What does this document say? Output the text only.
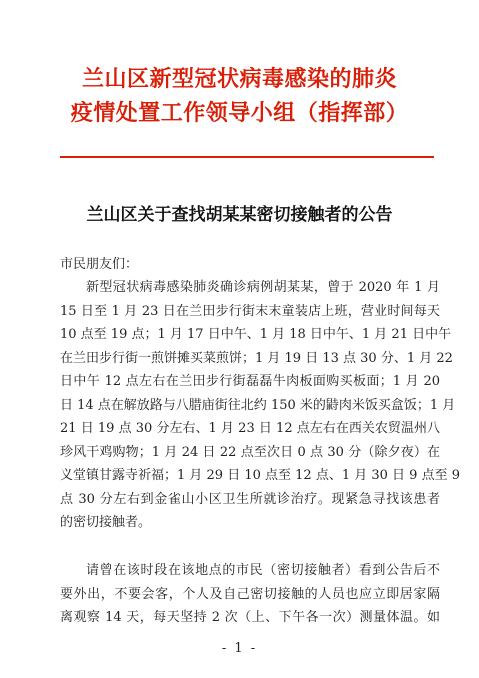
兰山区新型冠状病毒感染的肺炎
疫情处置工作领导小组（指挥部）
兰山区关于查找胡某某密切接触者的公告
市民朋友们：
新型冠状病毒感染肺炎确诊病例胡某某，曾于 2020 年 1 月
15 日至 1 月 23 日在兰田步行街末末童装店上班，营业时间每天
10 点至 19 点；1 月 17 日中午、1 月 18 日中午、1 月 21 日中午
在兰田步行街一煎饼摊买菜煎饼；1 月 19 日 13 点 30 分、1 月 22
日中午 12 点左右在兰田步行街磊磊牛肉板面购买板面；1 月 20
日 14 点在解放路与八腊庙街往北约 150 米的鼭肉米饭买盒饭；1 月
21 日 19 点 30 分左右、1 月 23 日 12 点左右在西关农贸温州八
珍风干鸡购物；1 月 24 日 22 点至次日 0 点 30 分（除夕夜）在
义堂镇甘露寺祈福；1 月 29 日 10 点至 12 点、1 月 30 日 9 点至 9
点 30 分左右到金雀山小区卫生所就诊治疗。现紧急寻找该患者
的密切接触者。
请曾在该时段在该地点的市民（密切接触者）看到公告后不
要外出，不要会客，个人及自己密切接触的人员也应立即居家隔
离观察 14 天，每天坚持 2 次（上、下午各一次）测量体温。如
- 1 -
